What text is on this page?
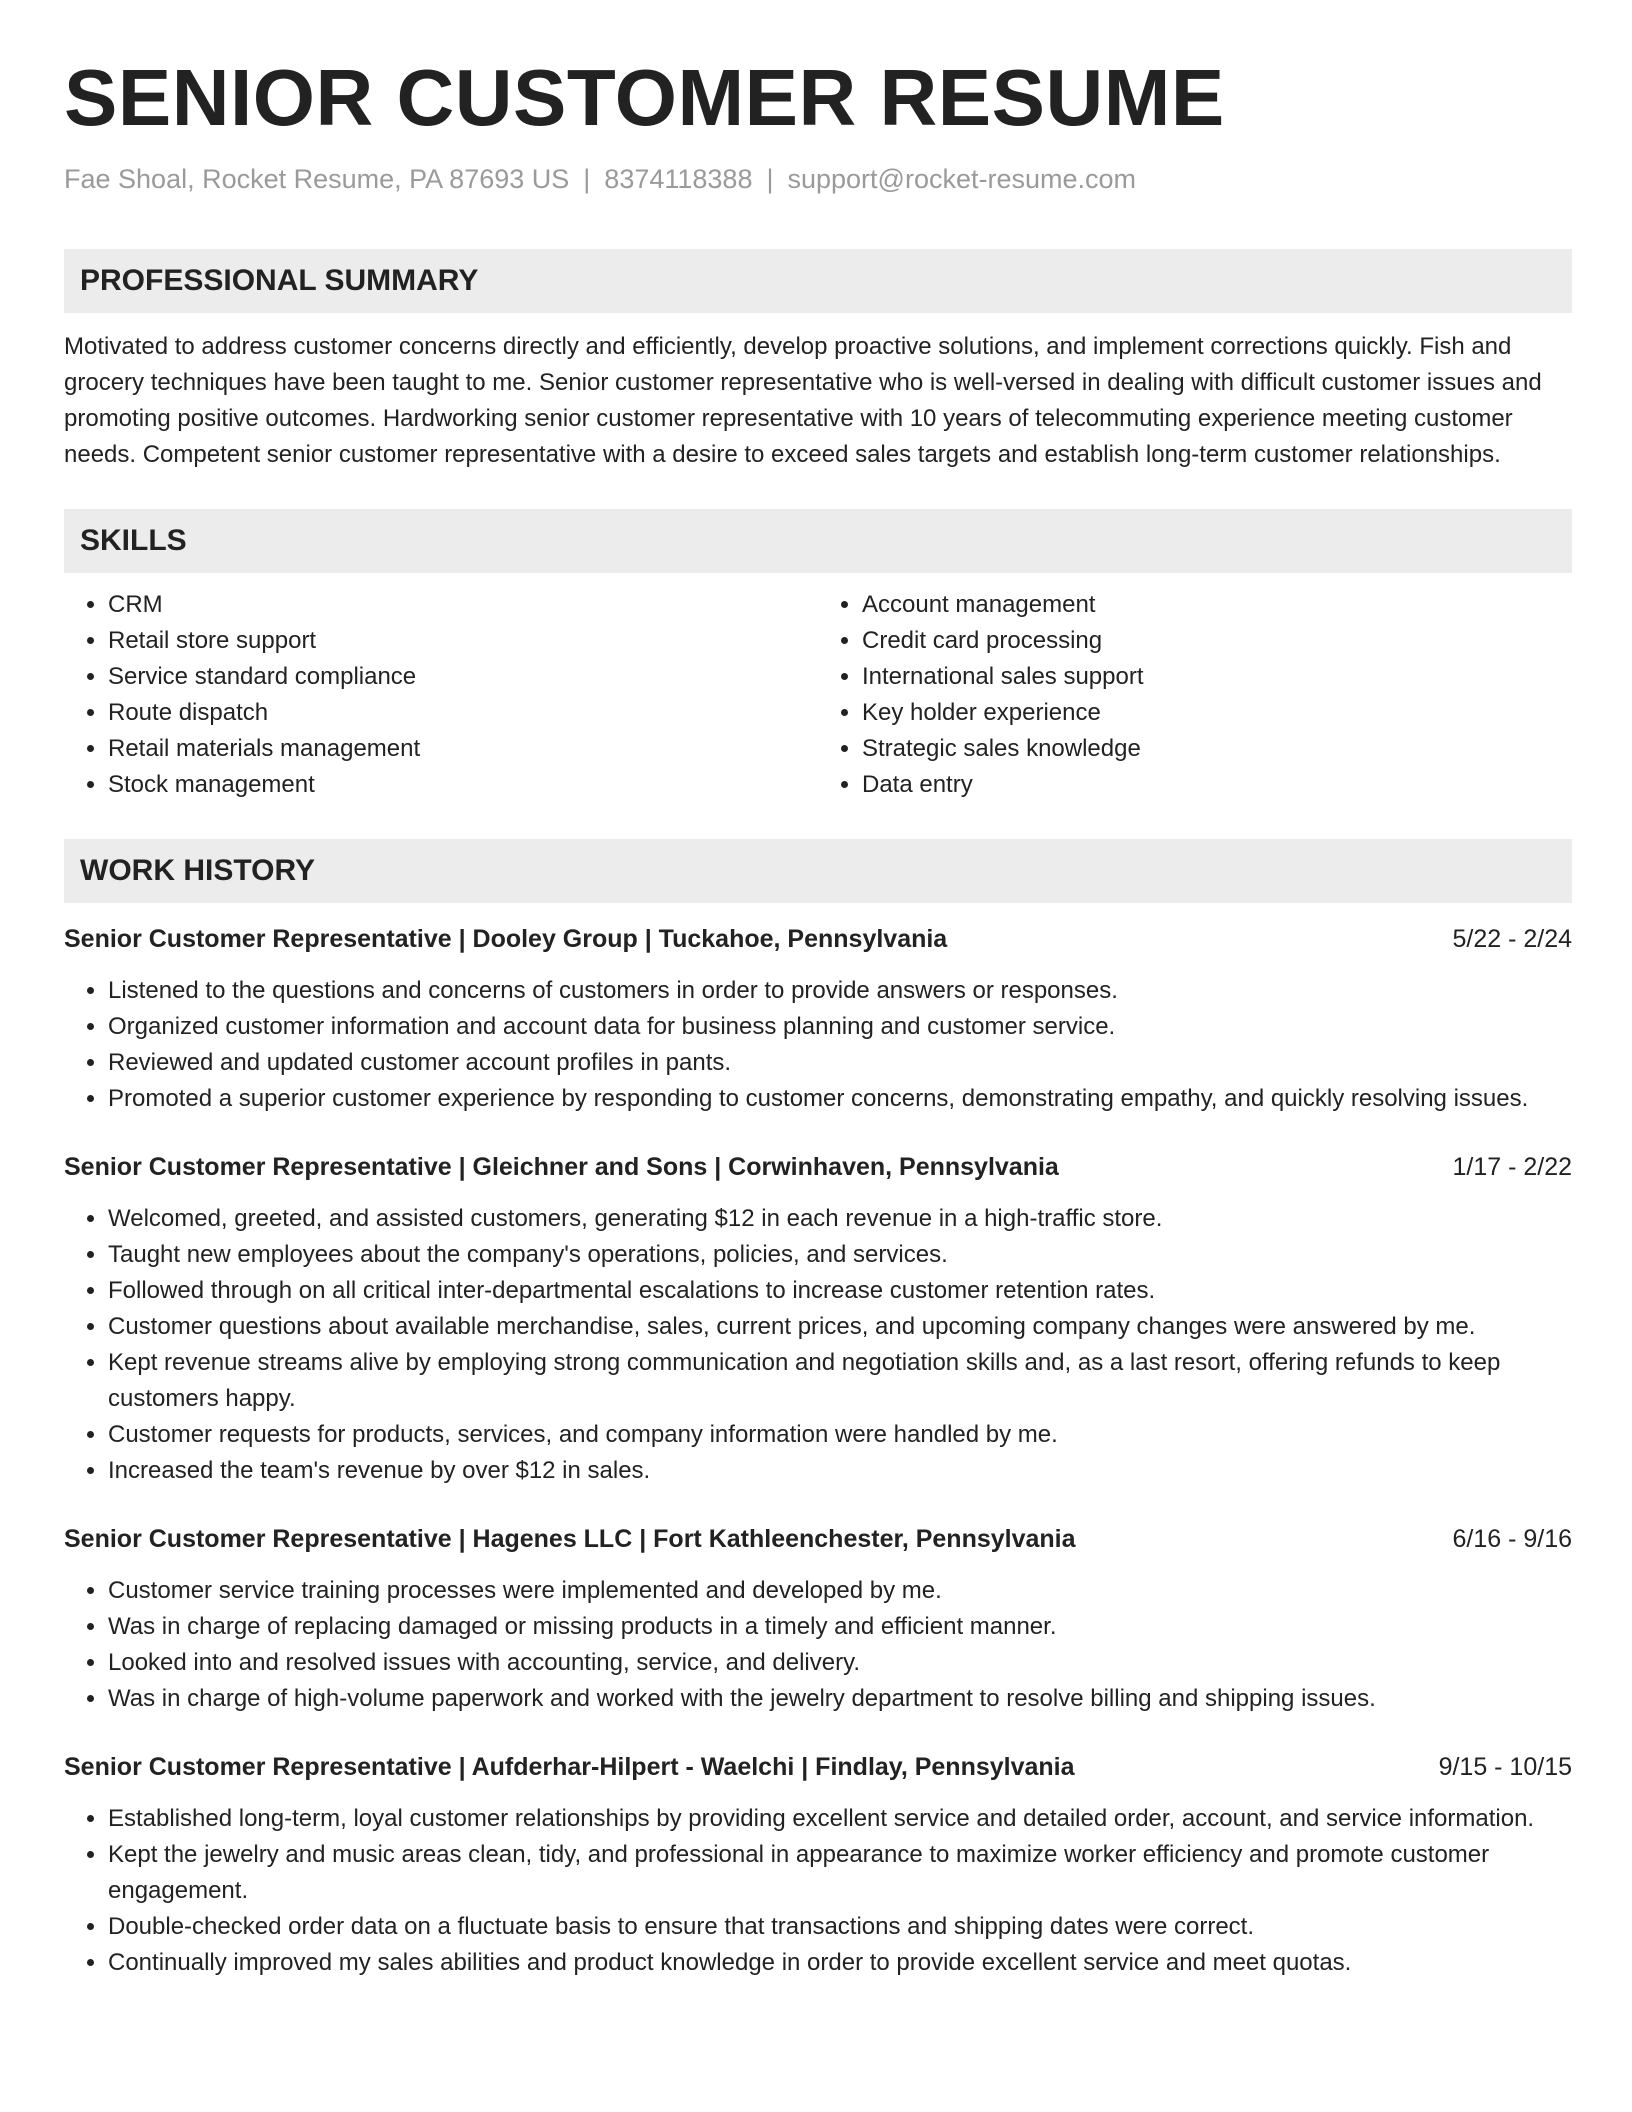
SENIOR CUSTOMER RESUME
Fae Shoal, Rocket Resume, PA 87693 US | 8374118388 | support@rocket-resume.com
PROFESSIONAL SUMMARY
Motivated to address customer concerns directly and efficiently, develop proactive solutions, and implement corrections quickly. Fish and grocery techniques have been taught to me. Senior customer representative who is well-versed in dealing with difficult customer issues and promoting positive outcomes. Hardworking senior customer representative with 10 years of telecommuting experience meeting customer needs. Competent senior customer representative with a desire to exceed sales targets and establish long-term customer relationships.
SKILLS
• CRM
• Retail store support
• Service standard compliance
• Route dispatch
• Retail materials management
• Stock management
• Account management
• Credit card processing
• International sales support
• Key holder experience
• Strategic sales knowledge
• Data entry
WORK HISTORY
Senior Customer Representative | Dooley Group | Tuckahoe, Pennsylvania	5/22 - 2/24
• Listened to the questions and concerns of customers in order to provide answers or responses.
• Organized customer information and account data for business planning and customer service.
• Reviewed and updated customer account profiles in pants.
• Promoted a superior customer experience by responding to customer concerns, demonstrating empathy, and quickly resolving issues.
Senior Customer Representative | Gleichner and Sons | Corwinhaven, Pennsylvania	1/17 - 2/22
• Welcomed, greeted, and assisted customers, generating $12 in each revenue in a high-traffic store.
• Taught new employees about the company's operations, policies, and services.
• Followed through on all critical inter-departmental escalations to increase customer retention rates.
• Customer questions about available merchandise, sales, current prices, and upcoming company changes were answered by me.
• Kept revenue streams alive by employing strong communication and negotiation skills and, as a last resort, offering refunds to keep customers happy.
• Customer requests for products, services, and company information were handled by me.
• Increased the team's revenue by over $12 in sales.
Senior Customer Representative | Hagenes LLC | Fort Kathleenchester, Pennsylvania	6/16 - 9/16
• Customer service training processes were implemented and developed by me.
• Was in charge of replacing damaged or missing products in a timely and efficient manner.
• Looked into and resolved issues with accounting, service, and delivery.
• Was in charge of high-volume paperwork and worked with the jewelry department to resolve billing and shipping issues.
Senior Customer Representative | Aufderhar-Hilpert - Waelchi | Findlay, Pennsylvania	9/15 - 10/15
• Established long-term, loyal customer relationships by providing excellent service and detailed order, account, and service information.
• Kept the jewelry and music areas clean, tidy, and professional in appearance to maximize worker efficiency and promote customer engagement.
• Double-checked order data on a fluctuate basis to ensure that transactions and shipping dates were correct.
• Continually improved my sales abilities and product knowledge in order to provide excellent service and meet quotas.
